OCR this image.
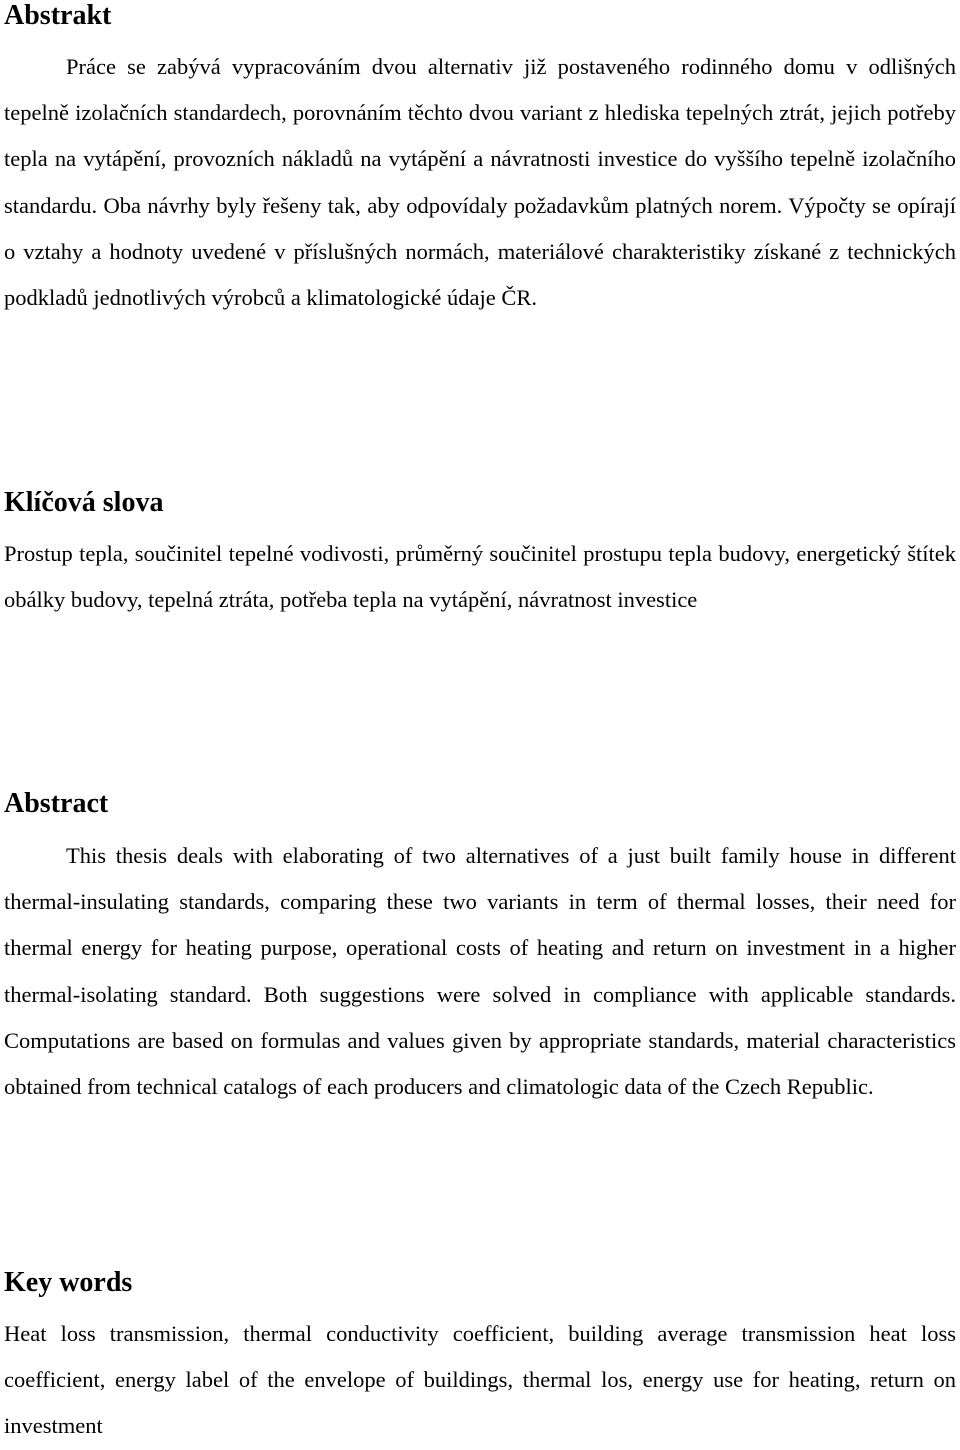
Abstrakt

Práce se zabývá vypracováním dvou alternativ již postaveného rodinného domu v odlišných tepelně izolačních standardech, porovnáním těchto dvou variant z hlediska tepelných ztrát, jejich potřeby tepla na vytápění, provozních nákladů na vytápění a návratnosti investice do vyššího tepelně izolačního standardu. Oba návrhy byly řešeny tak, aby odpovídaly požadavkům platných norem. Výpočty se opírají o vztahy a hodnoty uvedené v příslušných normách, materiálové charakteristiky získané z technických podkladů jednotlivých výrobců a klimatologické údaje ČR.

Klíčová slova

Prostup tepla, součinitel tepelné vodivosti, průměrný součinitel prostupu tepla budovy, energetický štítek obálky budovy, tepelná ztráta, potřeba tepla na vytápění, návratnost investice

Abstract

This thesis deals with elaborating of two alternatives of a just built family house in different thermal-insulating standards, comparing these two variants in term of thermal losses, their need for thermal energy for heating purpose, operational costs of heating and return on investment in a higher thermal-isolating standard. Both suggestions were solved in compliance with applicable standards. Computations are based on formulas and values given by appropriate standards, material characteristics obtained from technical catalogs of each producers and climatologic data of the Czech Republic.

Key words

Heat loss transmission, thermal conductivity coefficient, building average transmission heat loss coefficient, energy label of the envelope of buildings, thermal los, energy use for heating, return on investment
